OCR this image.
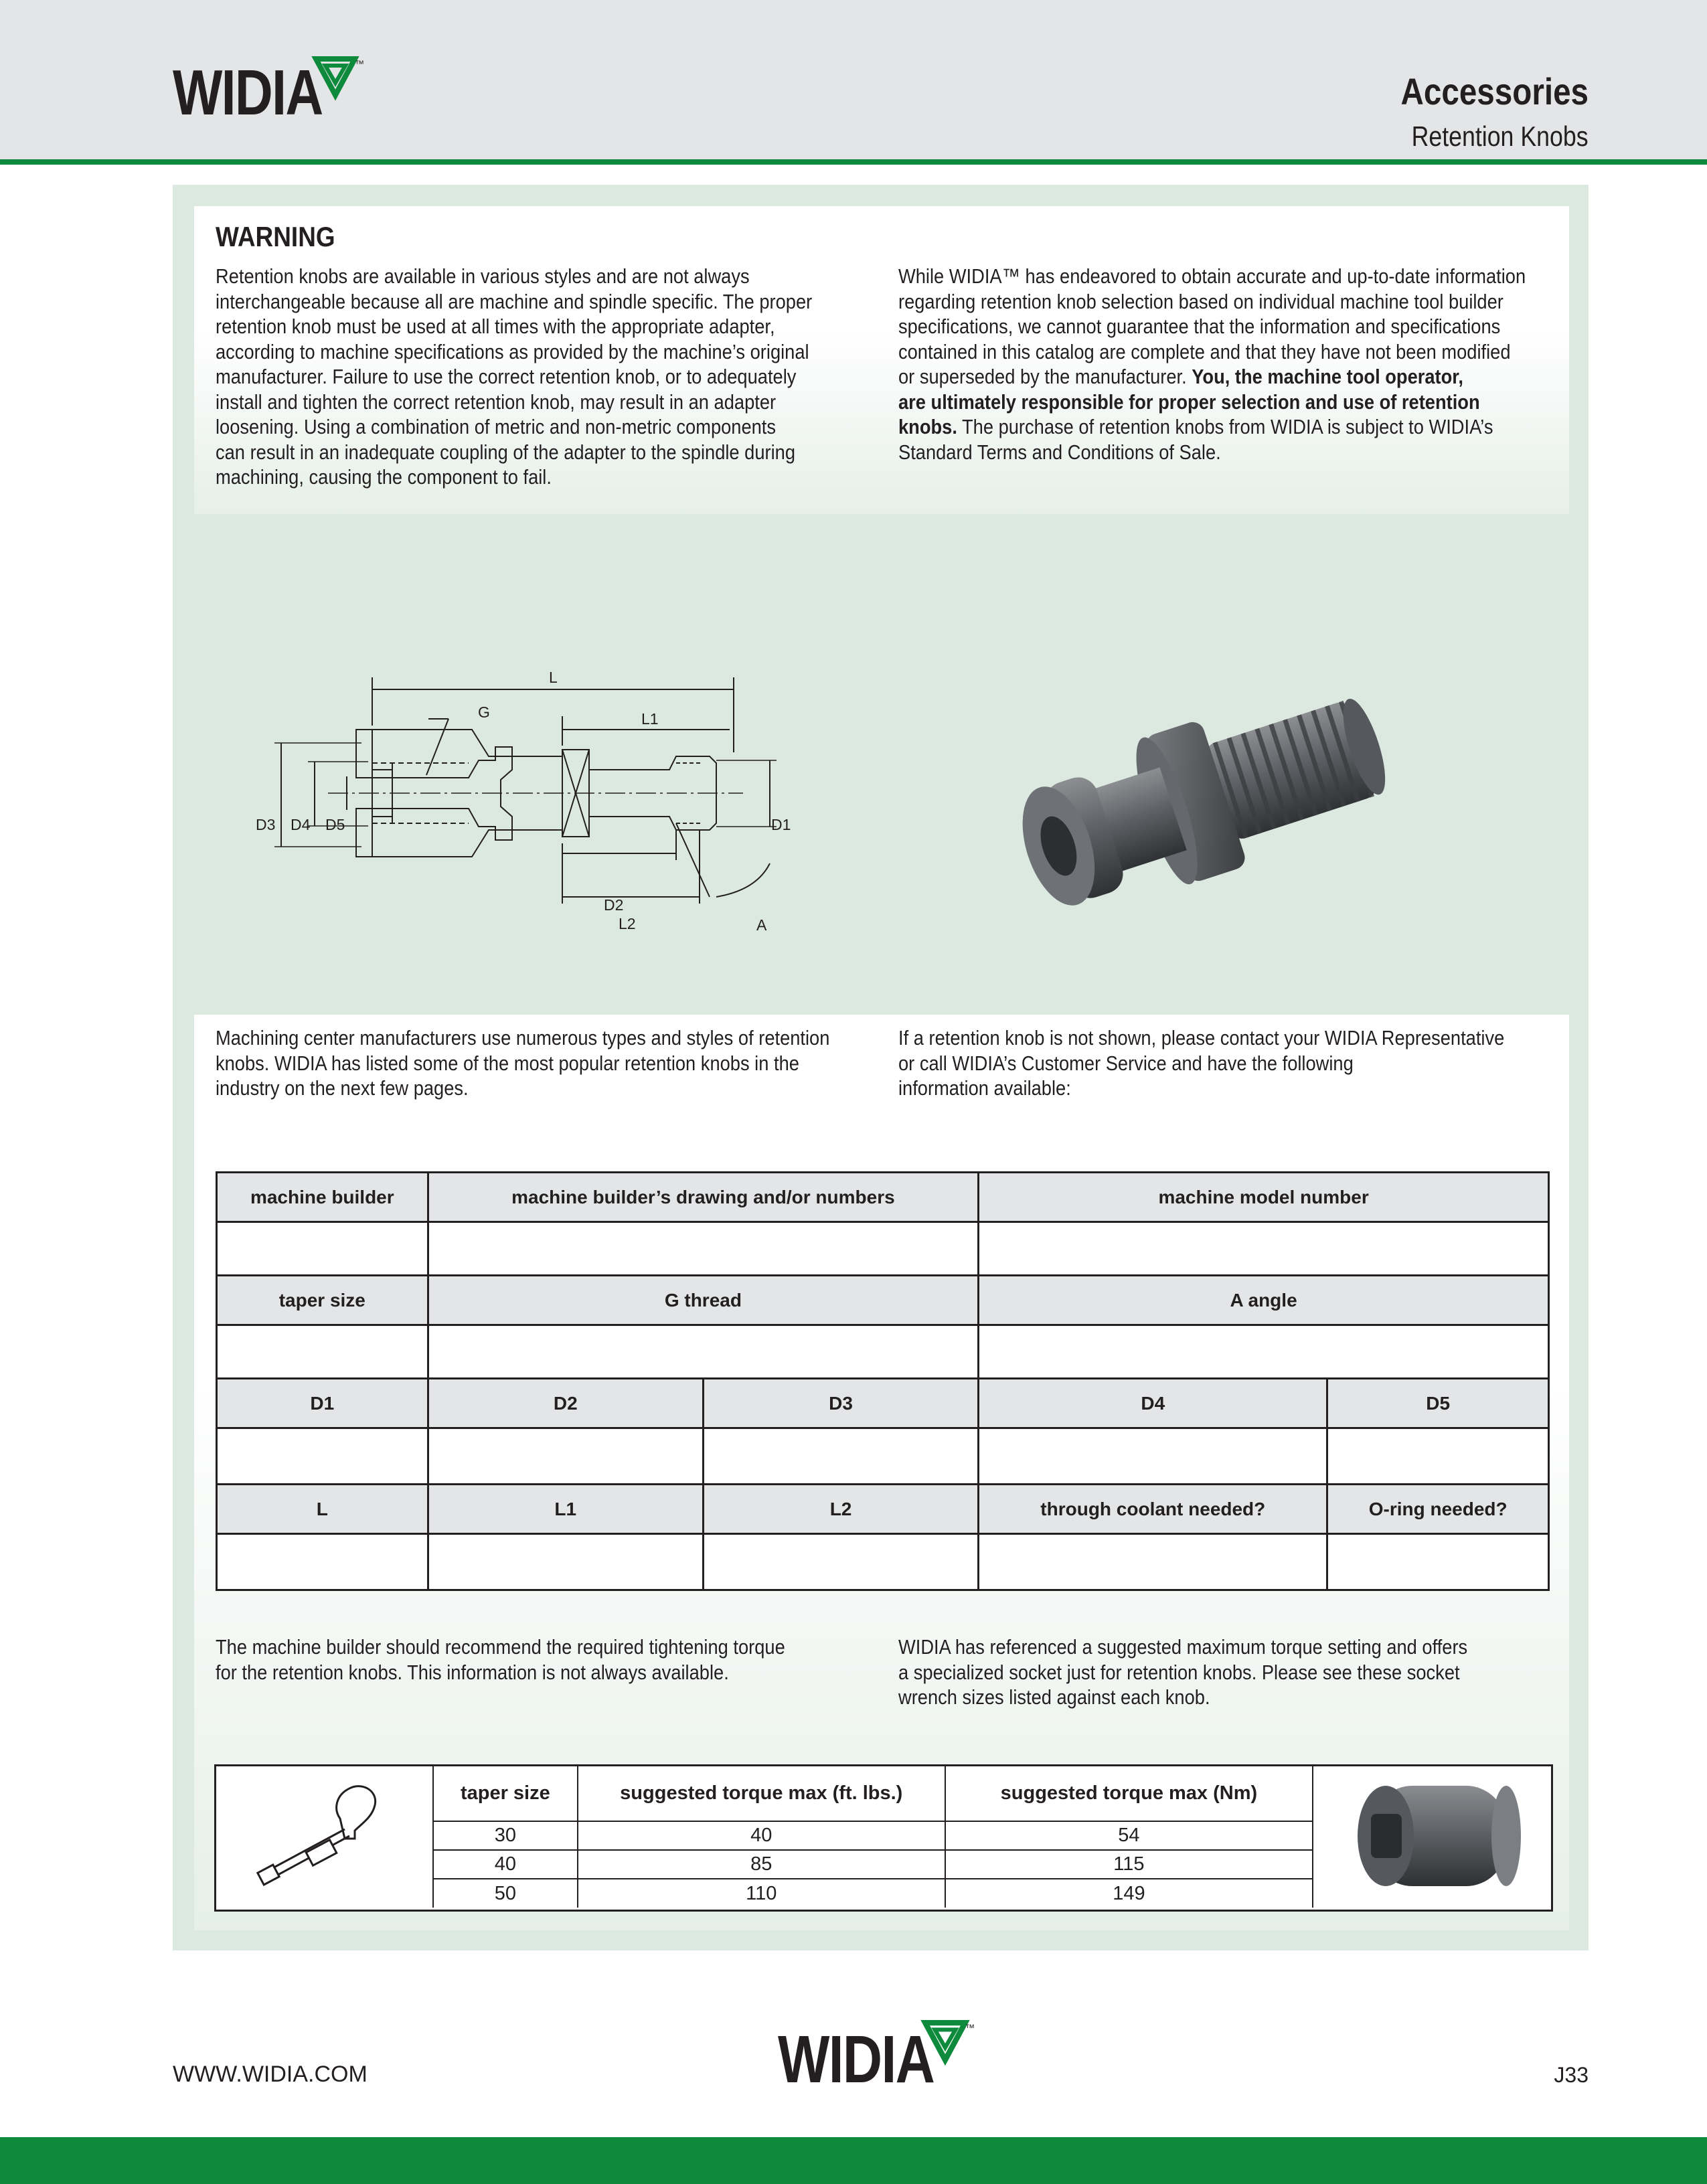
WIDIA	™
Accessories
Retention Knobs
WARNING
Retention knobs are available in various styles and are not always
interchangeable because all are machine and spindle specific. The proper
retention knob must be used at all times with the appropriate adapter,
according to machine specifications as provided by the machine’s original
manufacturer. Failure to use the correct retention knob, or to adequately
install and tighten the correct retention knob, may result in an adapter
loosening. Using a combination of metric and non-metric components
can result in an inadequate coupling of the adapter to the spindle during
machining, causing the component to fail.
While WIDIA™ has endeavored to obtain accurate and up-to-date information
regarding retention knob selection based on individual machine tool builder
specifications, we cannot guarantee that the information and specifications
contained in this catalog are complete and that they have not been modified
or superseded by the manufacturer. You, the machine tool operator,
are ultimately responsible for proper selection and use of retention
knobs. The purchase of retention knobs from WIDIA is subject to WIDIA’s
Standard Terms and Conditions of Sale.
L
G	L1
D3 D4 D5	D1
D2
L2	A
Machining center manufacturers use numerous types and styles of retention
knobs. WIDIA has listed some of the most popular retention knobs in the
industry on the next few pages.
If a retention knob is not shown, please contact your WIDIA Representative
or call WIDIA’s Customer Service and have the following
information available:
machine builder	machine builder’s drawing and/or numbers		machine model number	

taper size	G thread		A angle	

D1	D2	D3	D4	D5

L	L1	L2	through coolant needed?	O-ring needed?

The machine builder should recommend the required tightening torque
for the retention knobs. This information is not always available.
WIDIA has referenced a suggested maximum torque setting and offers
a specialized socket just for retention knobs. Please see these socket
wrench sizes listed against each knob.
taper size	suggested torque max (ft. lbs.)	suggested torque max (Nm)
30	40	54
40	85	115
50	110	149
WWW.WIDIA.COM	WIDIA	™
J33
